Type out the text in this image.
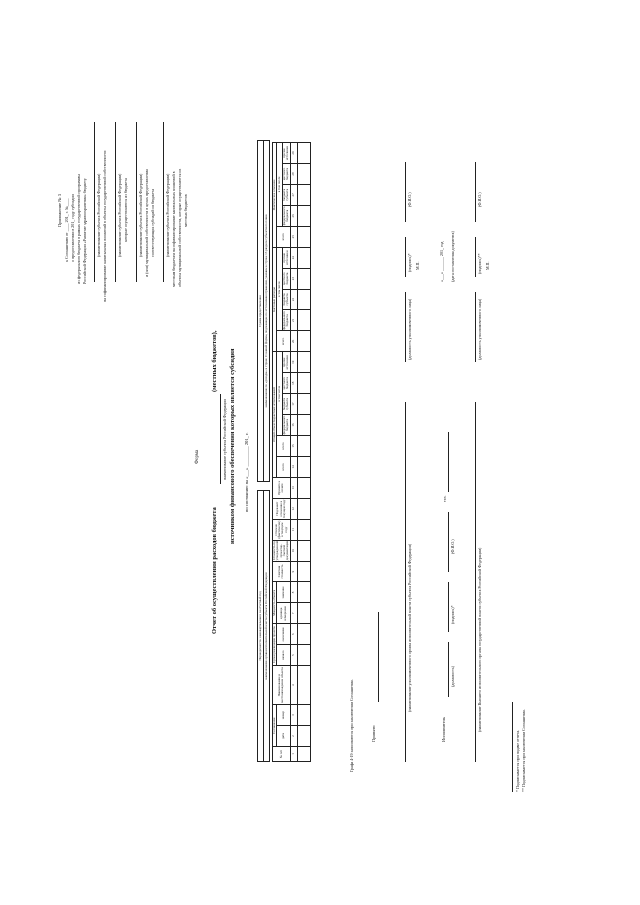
Приложение № 3 к Соглашению от ____ 201_ г. №____ о предоставлении в 201_ году субсидии из федерального бюджета в рамках государственной программы Российской Федерации «Развитие здравоохранения» бюджету (наименование субъекта Российской Федерации) на софинансирование капитальных вложений в объекты государственной собственности	(наименование субъекта Российской Федерации) которые осуществляются из бюджета	(наименование субъекта Российской Федерации) и (или) муниципальной собственности в целях предоставления соответствующих субсидий из бюджета	(наименование субъекта Российской Федерации) местным бюджетам на софинансирование капитальных вложений в объекты муниципальной собственности, которые осуществляются из местных бюджетов
Форма
Отчет об осуществлении расходов бюджета
(местных бюджетов),
наименование субъекта Российской Федерации источником финансового обеспечения которых является субсидия по состоянию на «___» _________ 201_ г.
Периодичность: ежеквартальная и за отчетный год наименование органа исполнительной власти субъекта Российской Федерации
Сумма предоставления наименование по «доходы» в строке 11 нашей формы, подлежащее по источникам отражения, указаны в строке 13 раздела субъектного плана
№ п/п	Соглашение		Наименование и местонахождение объекта	Сроки реализации проекта		Мощность объекта		Сметная стоимость	Стоимость по утвержденной проектно-сметной документации	Освоено (фактически) в текущем году	Подлежит освоению в текущем году	Принято к оплате	Общий объем бюджетных ассигнований						Кассовые расходы					Фактическое освоение				
	дата	номер		начало	окончание	единица измерения	значение						всего	всего	в том числе				всего	в том числе				всего	в том числе			
															федерального бюджета	бюджета субъекта	местного бюджета	прочие источники		федерального бюджета	бюджета субъекта	местного бюджета	прочие источники		федерального бюджета	бюджета субъекта	местного бюджета	прочие источники
1	2	3	4	5	6	7	8	9	10	11	12	13	14	15	16	17	18	19	20	21	22	23	24	25	26	27	28	29

Графа 4-19 заполняются при заключении Соглашения.	Принято
(наименование уполномоченного органа исполнительной власти субъекта Российской Федерации)
(должность уполномоченного лица)
(подпись)* М.П.
(Ф.И.О.)
Исполнитель
(должность)
(подпись)*
(Ф.И.О.)
тел.
«___» _______ 201_ год (дата составления документа)
(наименование Высшего исполнительного органа государственной власти субъекта Российской Федерации)
(должность уполномоченного лица)
(подпись)** М.П.
(Ф.И.О.)
* Подписывается при подаче отчета. ** Подписывается при заключении Соглашения.
